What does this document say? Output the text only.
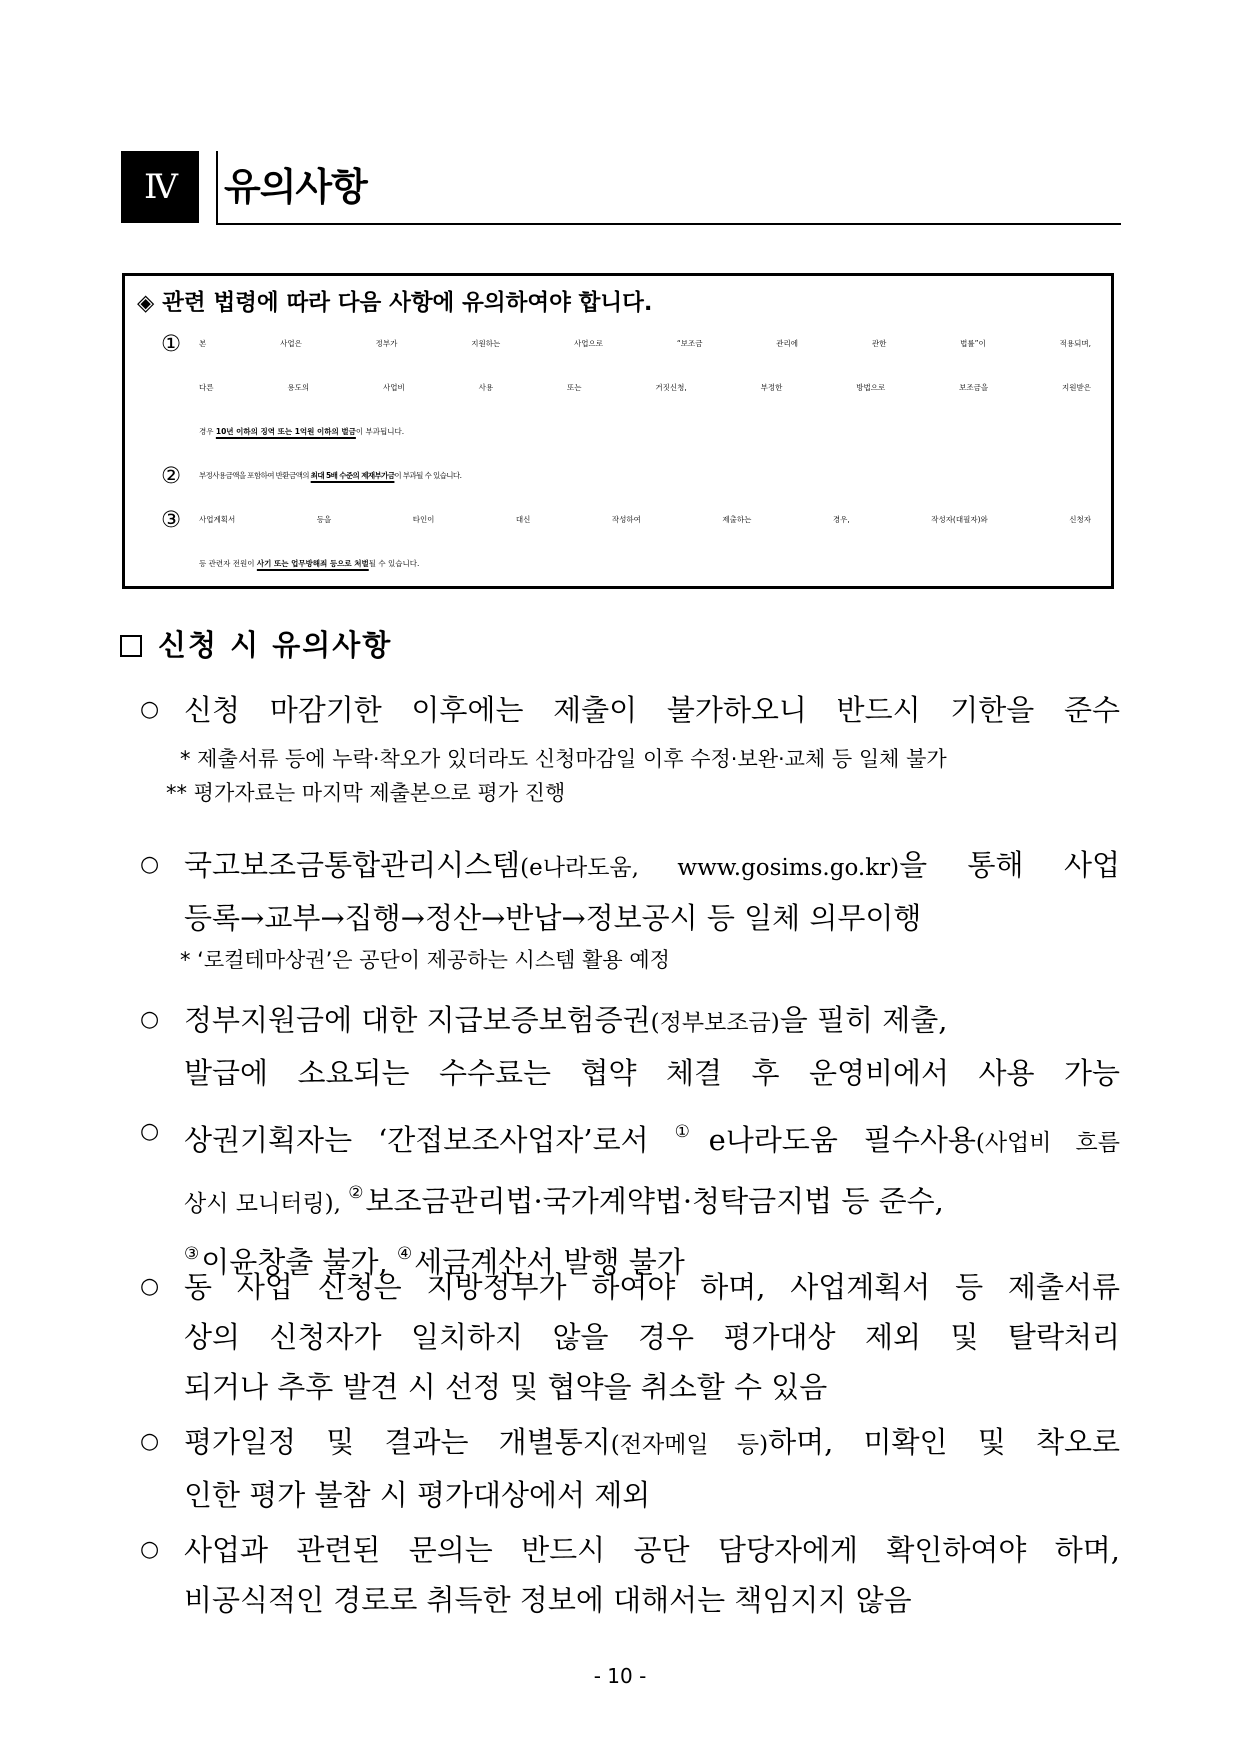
Ⅳ	유의사항
◈ 관련 법령에 따라 다음 사항에 유의하여야 합니다.
①	본 사업은 정부가 지원하는 사업으로 “보조금 관리에 관한 법률”이 적용되며,
다른 용도의 사업비 사용 또는 거짓신청, 부정한 방법으로 보조금을 지원받은
경우 10년 이하의 징역 또는 1억원 이하의 벌금이 부과됩니다.
②	부정사용금액을 포함하여 반환금액의 최대 5배 수준의 제재부가금이 부과될 수 있습니다.
③	사업계획서 등을 타인이 대신 작성하여 제출하는 경우, 작성자(대필자)와 신청자
등 관련자 전원이 사기 또는 업무방해죄 등으로 처벌될 수 있습니다.
신청 시 유의사항
○ 신청 마감기한 이후에는 제출이 불가하오니 반드시 기한을 준수
* 제출서류 등에 누락·착오가 있더라도 신청마감일 이후 수정·보완·교체 등 일체 불가
** 평가자료는 마지막 제출본으로 평가 진행
○ 국고보조금통합관리시스템(e나라도움, www.gosims.go.kr)을 통해 사업
등록→교부→집행→정산→반납→정보공시 등 일체 의무이행
* ‘로컬테마상권’은 공단이 제공하는 시스템 활용 예정
○ 정부지원금에 대한 지급보증보험증권(정부보조금)을 필히 제출,
발급에 소요되는 수수료는 협약 체결 후 운영비에서 사용 가능
○ 상권기획자는 ‘간접보조사업자’로서 ①e나라도움 필수사용(사업비 흐름
상시 모니터링), ②보조금관리법·국가계약법·청탁금지법 등 준수,
③이윤창출 불가, ④세금계산서 발행 불가
○ 동 사업 신청은 지방정부가 하여야 하며, 사업계획서 등 제출서류
상의 신청자가 일치하지 않을 경우 평가대상 제외 및 탈락처리
되거나 추후 발견 시 선정 및 협약을 취소할 수 있음
○ 평가일정 및 결과는 개별통지(전자메일 등)하며, 미확인 및 착오로
인한 평가 불참 시 평가대상에서 제외
○ 사업과 관련된 문의는 반드시 공단 담당자에게 확인하여야 하며,
비공식적인 경로로 취득한 정보에 대해서는 책임지지 않음
- 10 -
